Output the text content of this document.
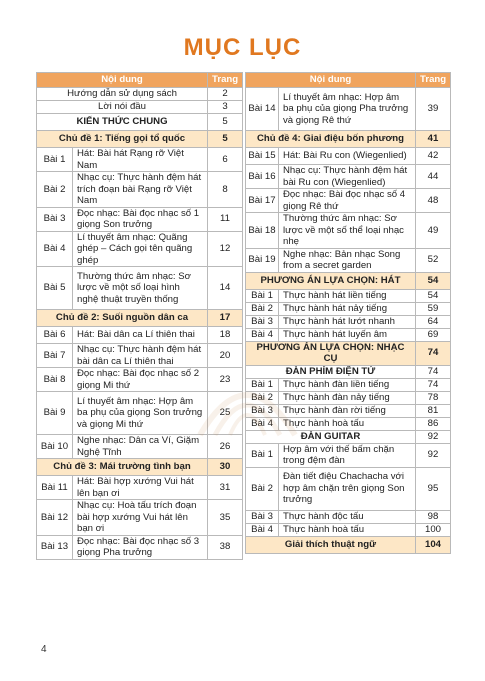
MỤC LỤC
Nội dung		Trang
Hướng dẫn sử dụng sách		2
Lời nói đầu		3
KIẾN THỨC CHUNG		5
Chủ đề 1: Tiếng gọi tổ quốc		5
Bài 1	Hát: Bài hát Rạng rỡ Việt Nam	6
Bài 2	Nhạc cụ: Thực hành đệm hát trích đoạn bài Rạng rỡ Việt Nam	8
Bài 3	Đọc nhạc: Bài đọc nhạc số 1 giọng Son trưởng	11
Bài 4	Lí thuyết âm nhạc: Quãng ghép – Cách gọi tên quãng ghép	12
Bài 5	Thường thức âm nhạc: Sơ lược về một số loại hình nghệ thuật truyền thống	14
Chủ đề 2: Suối nguồn dân ca		17
Bài 6	Hát: Bài dân ca Lí thiên thai	18
Bài 7	Nhạc cụ: Thực hành đệm hát bài dân ca Lí thiên thai	20
Bài 8	Đọc nhạc: Bài đọc nhạc số 2 giọng Mi thứ	23
Bài 9	Lí thuyết âm nhạc: Hợp âm ba phụ của giọng Son trưởng và giọng Mi thứ	25
Bài 10	Nghe nhạc: Dân ca Ví, Giặm Nghệ Tĩnh	26
Chủ đề 3: Mái trường tình bạn		30
Bài 11	Hát: Bài hợp xướng Vui hát lên bạn ơi	31
Bài 12	Nhạc cụ: Hoà tấu trích đoạn bài hợp xướng Vui hát lên bạn ơi	35
Bài 13	Đọc nhạc: Bài đọc nhạc số 3 giọng Pha trưởng	38
Nội dung		Trang
Bài 14	Lí thuyết âm nhạc: Hợp âm ba phụ của giọng Pha trưởng và giọng Rê thứ	39
Chủ đề 4: Giai điệu bốn phương		41
Bài 15	Hát: Bài Ru con (Wiegenlied)	42
Bài 16	Nhạc cụ: Thực hành đệm hát bài Ru con (Wiegenlied)	44
Bài 17	Đọc nhạc: Bài đọc nhạc số 4 giọng Rê thứ	48
Bài 18	Thường thức âm nhạc: Sơ lược về một số thể loại nhạc nhẹ	49
Bài 19	Nghe nhạc: Bản nhạc Song from a secret garden	52
PHƯƠNG ÁN LỰA CHỌN: HÁT		54
Bài 1	Thực hành hát liền tiếng	54
Bài 2	Thực hành hát nảy tiếng	59
Bài 3	Thực hành hát lướt nhanh	64
Bài 4	Thực hành hát luyến âm	69
PHƯƠNG ÁN LỰA CHỌN: NHẠC CỤ		74
ĐÀN PHÍM ĐIỆN TỬ		74
Bài 1	Thực hành đàn liền tiếng	74
Bài 2	Thực hành đàn nảy tiếng	78
Bài 3	Thực hành đàn rời tiếng	81
Bài 4	Thực hành hoà tấu	86
ĐÀN GUITAR		92
Bài 1	Hợp âm với thế bấm chặn trong đệm đàn	92
Bài 2	Đàn tiết điệu Chachacha với hợp âm chặn trên giọng Son trưởng	95
Bài 3	Thực hành độc tấu	98
Bài 4	Thực hành hoà tấu	100
Giải thích thuật ngữ		104
4
